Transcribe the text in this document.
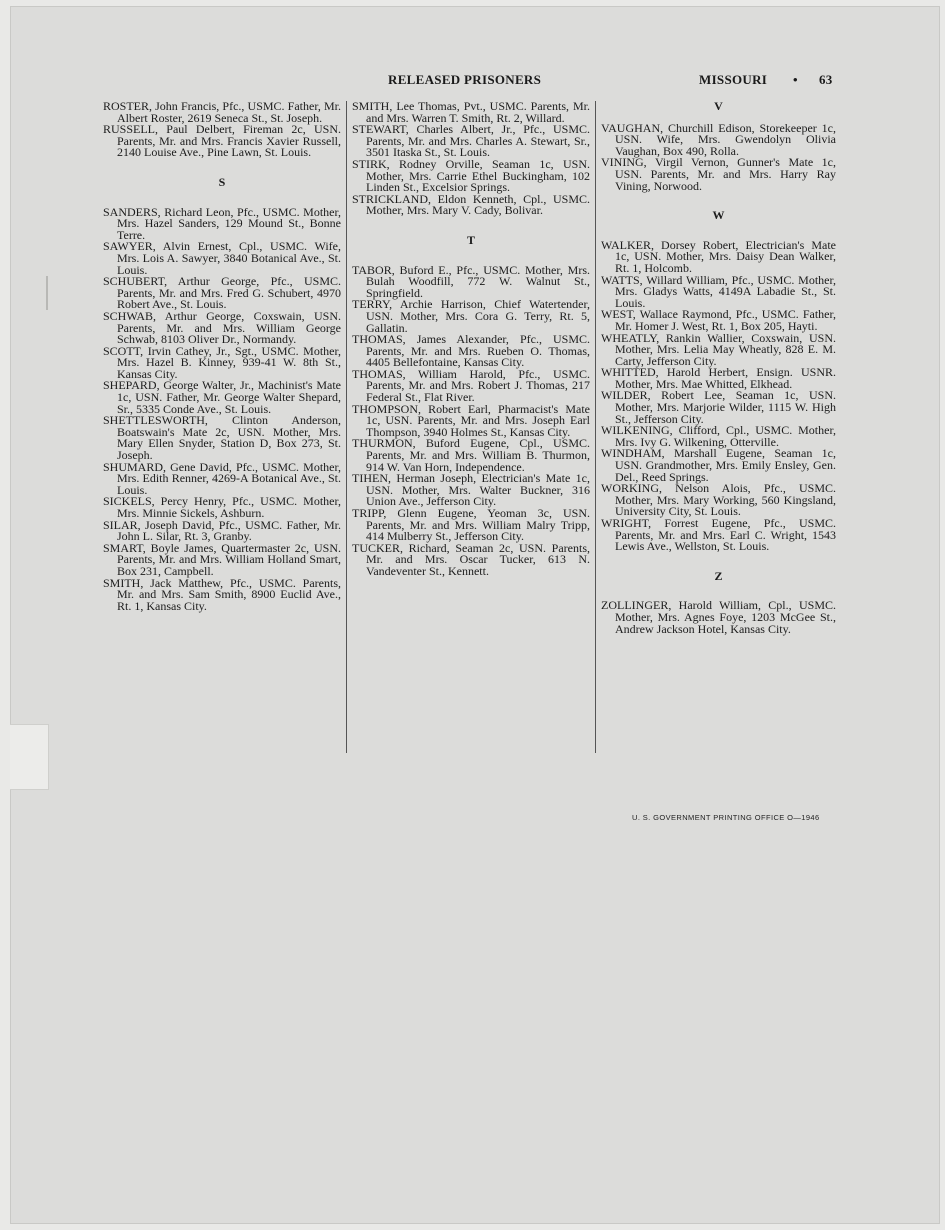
RELEASED PRISONERS	MISSOURI • 63
ROSTER, John Francis, Pfc., USMC. Father, Mr. Albert Roster, 2619 Seneca St., St. Joseph.
RUSSELL, Paul Delbert, Fireman 2c, USN. Parents, Mr. and Mrs. Francis Xavier Russell, 2140 Louise Ave., Pine Lawn, St. Louis.
S
SANDERS, Richard Leon, Pfc., USMC. Mother, Mrs. Hazel Sanders, 129 Mound St., Bonne Terre.
SAWYER, Alvin Ernest, Cpl., USMC. Wife, Mrs. Lois A. Sawyer, 3840 Botanical Ave., St. Louis.
SCHUBERT, Arthur George, Pfc., USMC. Parents, Mr. and Mrs. Fred G. Schubert, 4970 Robert Ave., St. Louis.
SCHWAB, Arthur George, Coxswain, USN. Parents, Mr. and Mrs. William George Schwab, 8103 Oliver Dr., Normandy.
SCOTT, Irvin Cathey, Jr., Sgt., USMC. Mother, Mrs. Hazel B. Kinney, 939-41 W. 8th St., Kansas City.
SHEPARD, George Walter, Jr., Machinist's Mate 1c, USN. Father, Mr. George Walter Shepard, Sr., 5335 Conde Ave., St. Louis.
SHETTLESWORTH, Clinton Anderson, Boatswain's Mate 2c, USN. Mother, Mrs. Mary Ellen Snyder, Station D, Box 273, St. Joseph.
SHUMARD, Gene David, Pfc., USMC. Mother, Mrs. Edith Renner, 4269-A Botanical Ave., St. Louis.
SICKELS, Percy Henry, Pfc., USMC. Mother, Mrs. Minnie Sickels, Ashburn.
SILAR, Joseph David, Pfc., USMC. Father, Mr. John L. Silar, Rt. 3, Granby.
SMART, Boyle James, Quartermaster 2c, USN. Parents, Mr. and Mrs. William Holland Smart, Box 231, Campbell.
SMITH, Jack Matthew, Pfc., USMC. Parents, Mr. and Mrs. Sam Smith, 8900 Euclid Ave., Rt. 1, Kansas City.
SMITH, Lee Thomas, Pvt., USMC. Parents, Mr. and Mrs. Warren T. Smith, Rt. 2, Willard.
STEWART, Charles Albert, Jr., Pfc., USMC. Parents, Mr. and Mrs. Charles A. Stewart, Sr., 3501 Itaska St., St. Louis.
STIRK, Rodney Orville, Seaman 1c, USN. Mother, Mrs. Carrie Ethel Buckingham, 102 Linden St., Excelsior Springs.
STRICKLAND, Eldon Kenneth, Cpl., USMC. Mother, Mrs. Mary V. Cady, Bolivar.
T
TABOR, Buford E., Pfc., USMC. Mother, Mrs. Bulah Woodfill, 772 W. Walnut St., Springfield.
TERRY, Archie Harrison, Chief Watertender, USN. Mother, Mrs. Cora G. Terry, Rt. 5, Gallatin.
THOMAS, James Alexander, Pfc., USMC. Parents, Mr. and Mrs. Rueben O. Thomas, 4405 Bellefontaine, Kansas City.
THOMAS, William Harold, Pfc., USMC. Parents, Mr. and Mrs. Robert J. Thomas, 217 Federal St., Flat River.
THOMPSON, Robert Earl, Pharmacist's Mate 1c, USN. Parents, Mr. and Mrs. Joseph Earl Thompson, 3940 Holmes St., Kansas City.
THURMON, Buford Eugene, Cpl., USMC. Parents, Mr. and Mrs. William B. Thurmon, 914 W. Van Horn, Independence.
TIHEN, Herman Joseph, Electrician's Mate 1c, USN. Mother, Mrs. Walter Buckner, 316 Union Ave., Jefferson City.
TRIPP, Glenn Eugene, Yeoman 3c, USN. Parents, Mr. and Mrs. William Malry Tripp, 414 Mulberry St., Jefferson City.
TUCKER, Richard, Seaman 2c, USN. Parents, Mr. and Mrs. Oscar Tucker, 613 N. Vandeventer St., Kennett.
V
VAUGHAN, Churchill Edison, Storekeeper 1c, USN. Wife, Mrs. Gwendolyn Olivia Vaughan, Box 490, Rolla.
VINING, Virgil Vernon, Gunner's Mate 1c, USN. Parents, Mr. and Mrs. Harry Ray Vining, Norwood.
W
WALKER, Dorsey Robert, Electrician's Mate 1c, USN. Mother, Mrs. Daisy Dean Walker, Rt. 1, Holcomb.
WATTS, Willard William, Pfc., USMC. Mother, Mrs. Gladys Watts, 4149A Labadie St., St. Louis.
WEST, Wallace Raymond, Pfc., USMC. Father, Mr. Homer J. West, Rt. 1, Box 205, Hayti.
WHEATLY, Rankin Wallier, Coxswain, USN. Mother, Mrs. Lelia May Wheatly, 828 E. M. Carty, Jefferson City.
WHITTED, Harold Herbert, Ensign. USNR. Mother, Mrs. Mae Whitted, Elkhead.
WILDER, Robert Lee, Seaman 1c, USN. Mother, Mrs. Marjorie Wilder, 1115 W. High St., Jefferson City.
WILKENING, Clifford, Cpl., USMC. Mother, Mrs. Ivy G. Wilkening, Otterville.
WINDHAM, Marshall Eugene, Seaman 1c, USN. Grandmother, Mrs. Emily Ensley, Gen. Del., Reed Springs.
WORKING, Nelson Alois, Pfc., USMC. Mother, Mrs. Mary Working, 560 Kingsland, University City, St. Louis.
WRIGHT, Forrest Eugene, Pfc., USMC. Parents, Mr. and Mrs. Earl C. Wright, 1543 Lewis Ave., Wellston, St. Louis.
Z
ZOLLINGER, Harold William, Cpl., USMC. Mother, Mrs. Agnes Foye, 1203 McGee St., Andrew Jackson Hotel, Kansas City.
U. S. GOVERNMENT PRINTING OFFICE O—1946
